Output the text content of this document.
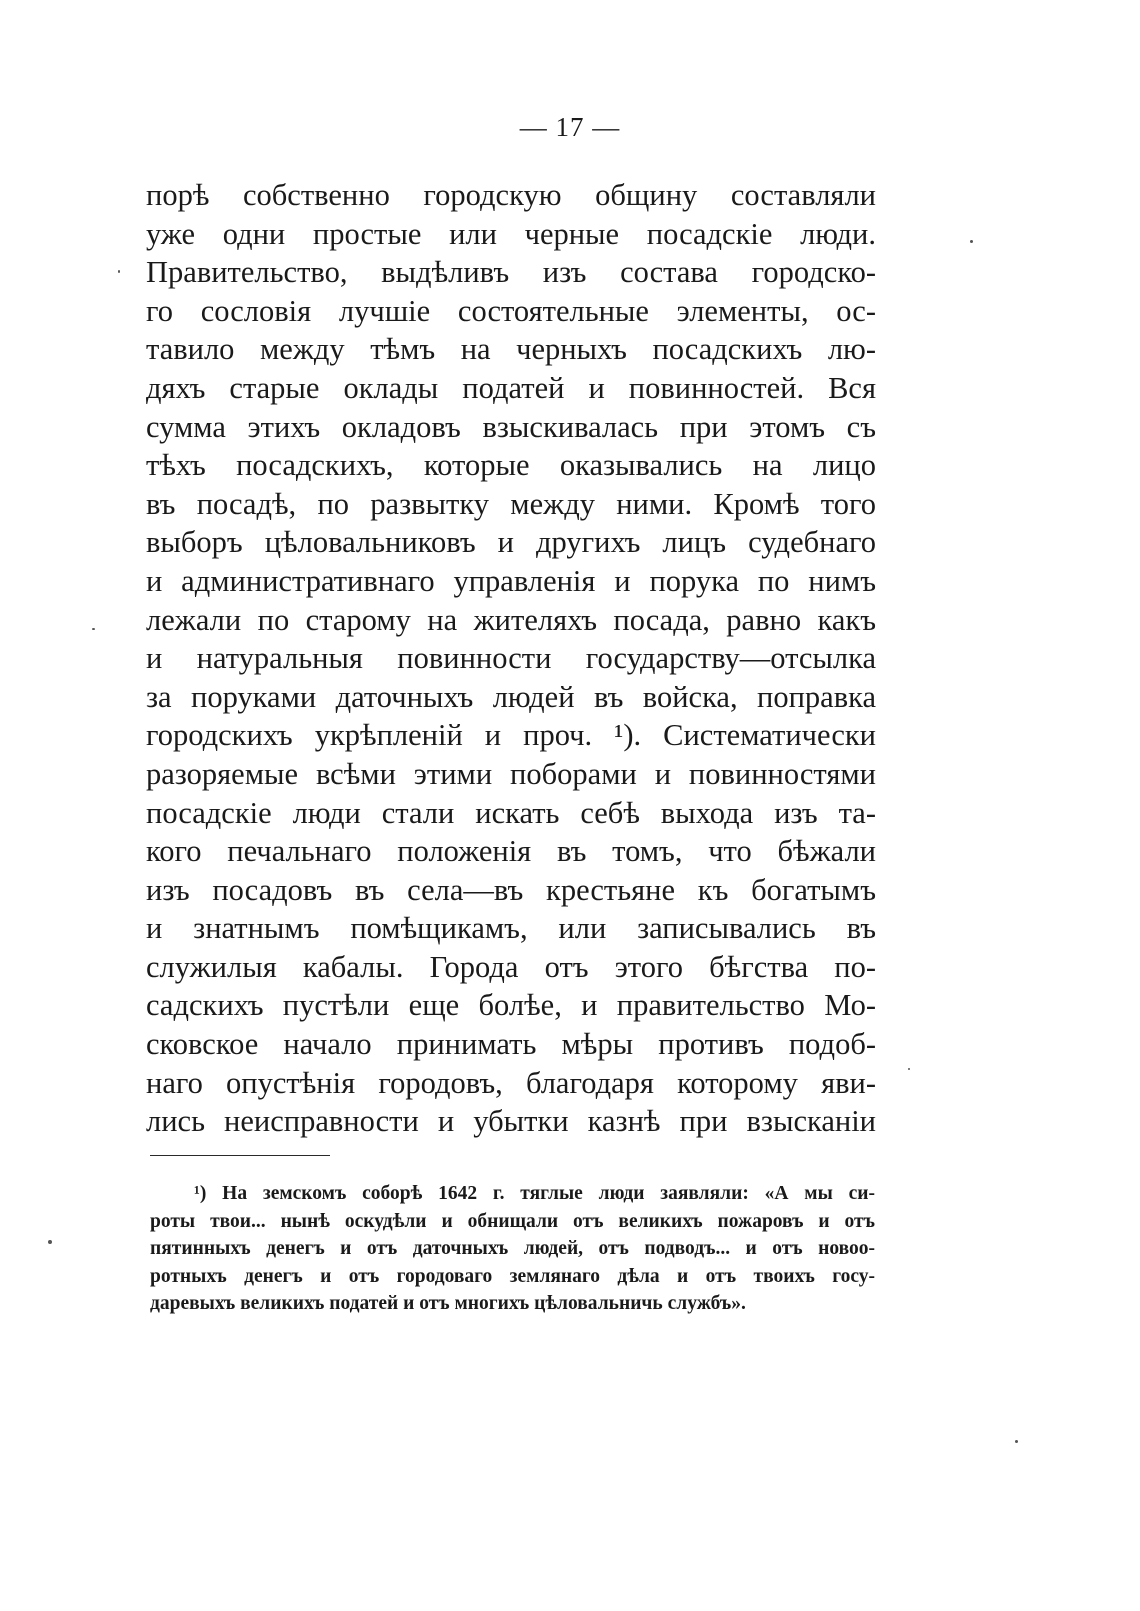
— 17 —
порѣ собственно городскую общину составляли
уже одни простые или черные посадскіе люди.
Правительство, выдѣливъ изъ состава городско-
го сословія лучшіе состоятельные элементы, ос-
тавило между тѣмъ на черныхъ посадскихъ лю-
дяхъ старые оклады податей и повинностей. Вся
сумма этихъ окладовъ взыскивалась при этомъ съ
тѣхъ посадскихъ, которые оказывались на лицо
въ посадѣ, по развытку между ними. Кромѣ того
выборъ цѣловальниковъ и другихъ лицъ судебнаго
и административнаго управленія и порука по нимъ
лежали по старому на жителяхъ посада, равно какъ
и натуральныя повинности государству—отсылка
за поруками даточныхъ людей въ войска, поправка
городскихъ укрѣпленій и проч. ¹). Систематически
разоряемые всѣми этими поборами и повинностями
посадскіе люди стали искать себѣ выхода изъ та-
кого печальнаго положенія въ томъ, что бѣжали
изъ посадовъ въ села—въ крестьяне къ богатымъ
и знатнымъ помѣщикамъ, или записывались въ
служилыя кабалы. Города отъ этого бѣгства по-
садскихъ пустѣли еще болѣе, и правительство Мо-
сковское начало принимать мѣры противъ подоб-
наго опустѣнія городовъ, благодаря которому яви-
лись неисправности и убытки казнѣ при взысканіи
¹) На земскомъ соборѣ 1642 г. тяглые люди заявляли: «А мы си-
роты твои... нынѣ оскудѣли и обнищали отъ великихъ пожаровъ и отъ
пятинныхъ денегъ и отъ даточныхъ людей, отъ подводъ... и отъ новоо-
ротныхъ денегъ и отъ городоваго землянаго дѣла и отъ твоихъ госу-
даревыхъ великихъ податей и отъ многихъ цѣловальничь службъ».
